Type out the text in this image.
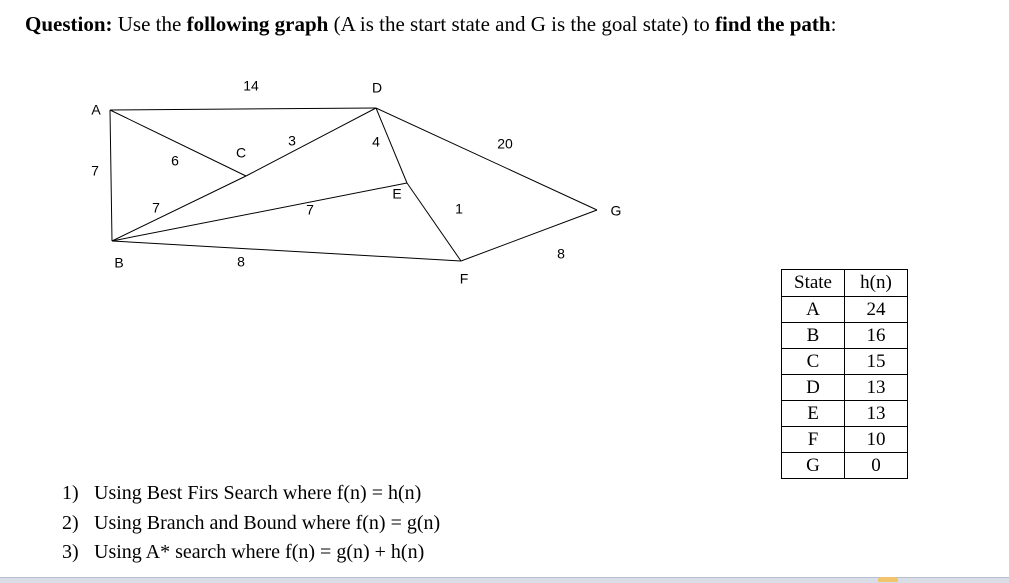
Question: Use the following graph (A is the start state and G is the goal state) to find the path:
14
7
6
7
3
7
4	20
1
8	8
A
B
C
D
E
F
G
State	h(n)
A	24
B	16
C	15
D	13
E	13
F	10
G	0
1) Using Best Firs Search where f(n) = h(n)
2) Using Branch and Bound where f(n) = g(n)
3) Using A* search where f(n) = g(n) + h(n)
